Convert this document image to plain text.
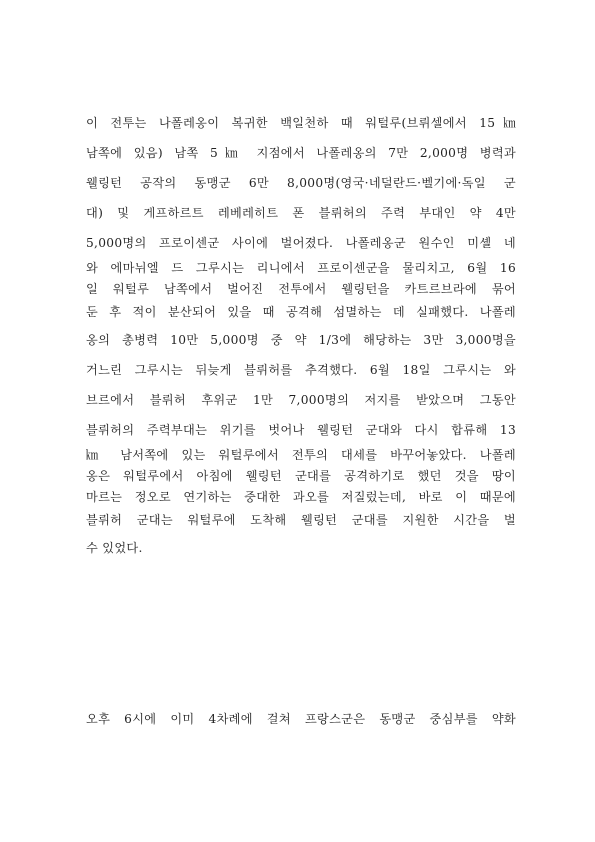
이 전투는 나폴레옹이 복귀한 백일천하 때 워털루(브뤼셀에서 15㎞
남쪽에 있음) 남쪽 5㎞ 지점에서 나폴레옹의 7만 2,000명 병력과
웰링턴 공작의 동맹군 6만 8,000명(영국·네덜란드·벨기에·독일 군
대) 및 게프하르트 레베레히트 폰 블뤼허의 주력 부대인 약 4만
5,000명의 프로이센군 사이에 벌어졌다. 나폴레옹군 원수인 미셸 네
와 에마뉘엘 드 그루시는 리니에서 프로이센군을 물리치고, 6월 16
일 워털루 남쪽에서 벌어진 전투에서 웰링턴을 카트르브라에 묶어
둔 후 적이 분산되어 있을 때 공격해 섬멸하는 데 실패했다. 나폴레
옹의 총병력 10만 5,000명 중 약 1/3에 해당하는 3만 3,000명을
거느린 그루시는 뒤늦게 블뤼허를 추격했다. 6월 18일 그루시는 와
브르에서 블뤼허 후위군 1만 7,000명의 저지를 받았으며 그동안
블뤼허의 주력부대는 위기를 벗어나 웰링턴 군대와 다시 합류해 13
㎞ 남서쪽에 있는 워털루에서 전투의 대세를 바꾸어놓았다. 나폴레
옹은 워털루에서 아침에 웰링턴 군대를 공격하기로 했던 것을 땅이
마르는 정오로 연기하는 중대한 과오를 저질렀는데, 바로 이 때문에
블뤼허 군대는 워털루에 도착해 웰링턴 군대를 지원한 시간을 벌
수 있었다.
오후 6시에 이미 4차례에 걸쳐 프랑스군은 동맹군 중심부를 약화
